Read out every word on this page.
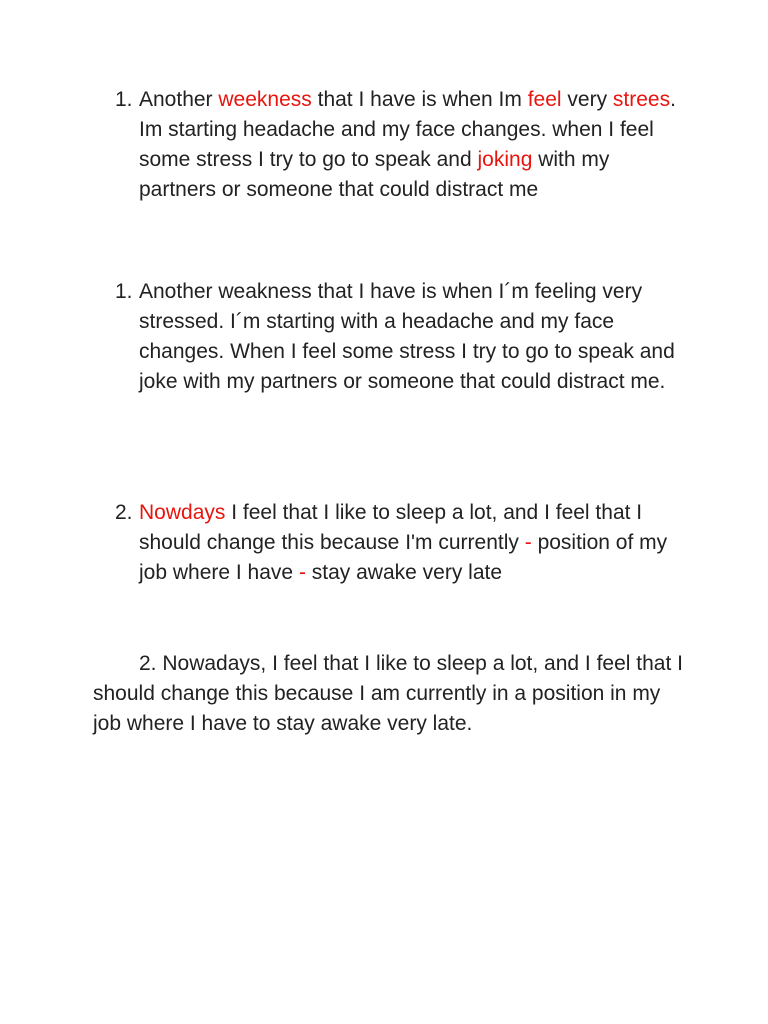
1. Another weekness that I have is when Im feel very strees. Im starting headache and my face changes. when I feel some stress I try to go to speak and joking with my partners or someone that could distract me
1. Another weakness that I have is when I´m feeling very stressed. I´m starting with a headache and my face changes. When I feel some stress I try to go to speak and joke with my partners or someone that could distract me.
2. Nowdays I feel that I like to sleep a lot, and I feel that I should change this because I'm currently - position of my job where I have - stay awake very late
2. Nowadays, I feel that I like to sleep a lot, and I feel that I should change this because I am currently in a position in my job where I have to stay awake very late.
